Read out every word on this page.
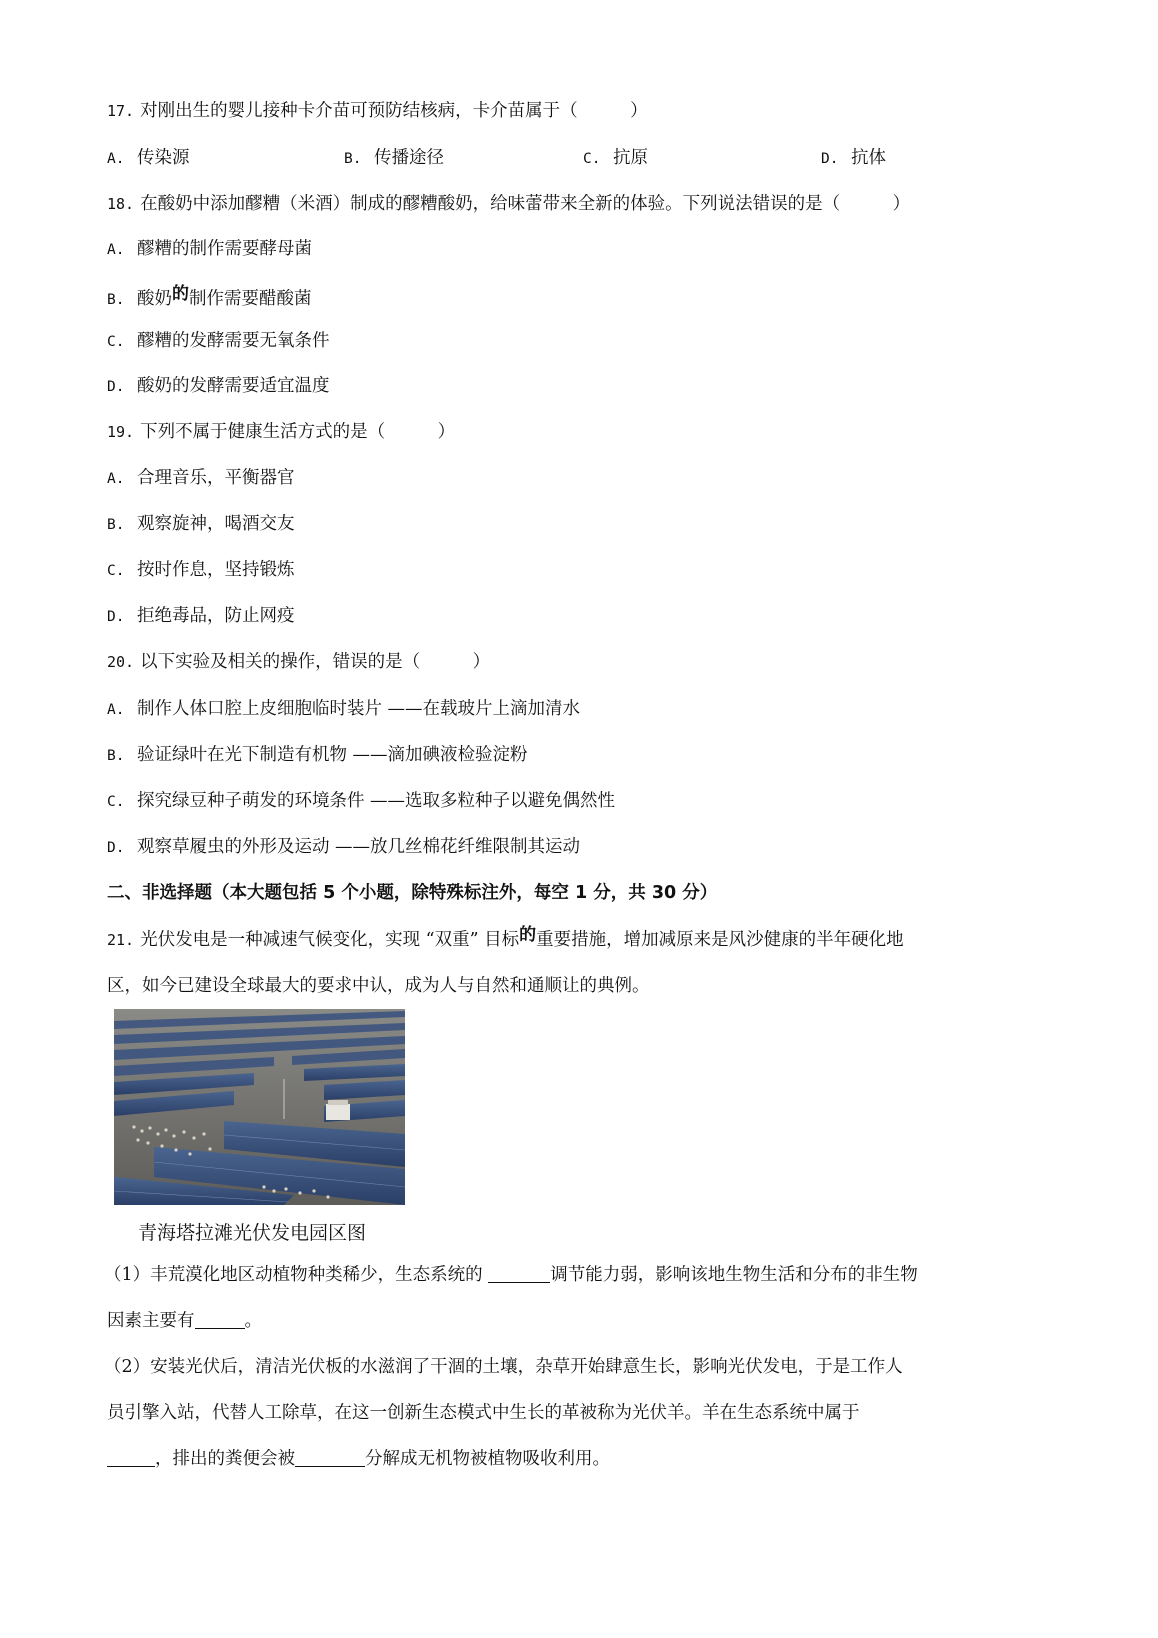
17. 对刚出生的婴儿接种卡介苗可预防结核病，卡介苗属于（　　　）
A. 传染源	B. 传播途径	C. 抗原	D. 抗体
18. 在酸奶中添加醪糟（米酒）制成的醪糟酸奶，给味蕾带来全新的体验。下列说法错误的是（　　　）
A. 醪糟的制作需要酵母菌
B. 酸奶的制作需要醋酸菌
C. 醪糟的发酵需要无氧条件
D. 酸奶的发酵需要适宜温度
19. 下列不属于健康生活方式的是（　　　）
A. 合理音乐，平衡器官
B. 观察旋神，喝酒交友
C. 按时作息，坚持锻炼
D. 拒绝毒品，防止网疫
20. 以下实验及相关的操作，错误的是（　　　）
A. 制作人体口腔上皮细胞临时装片 ——在载玻片上滴加清水
B. 验证绿叶在光下制造有机物 ——滴加碘液检验淀粉
C. 探究绿豆种子萌发的环境条件 ——选取多粒种子以避免偶然性
D. 观察草履虫的外形及运动 ——放几丝棉花纤维限制其运动
二、非选择题（本大题包括 5 个小题，除特殊标注外，每空 1 分，共 30 分）
21. 光伏发电是一种减速气候变化，实现 “双重” 目标的重要措施，增加减原来是风沙健康的半年硬化地
区，如今已建设全球最大的要求中认，成为人与自然和通顺让的典例。
青海塔拉滩光伏发电园区图
（1）丰荒漠化地区动植物种类稀少，生态系统的	调节能力弱，影响该地生物生活和分布的非生物
因素主要有	。
（2）安装光伏后，清洁光伏板的水滋润了干涸的土壤，杂草开始肆意生长，影响光伏发电，于是工作人
员引擎入站，代替人工除草，在这一创新生态模式中生长的革被称为光伏羊。羊在生态系统中属于
，排出的粪便会被	分解成无机物被植物吸收利用。
